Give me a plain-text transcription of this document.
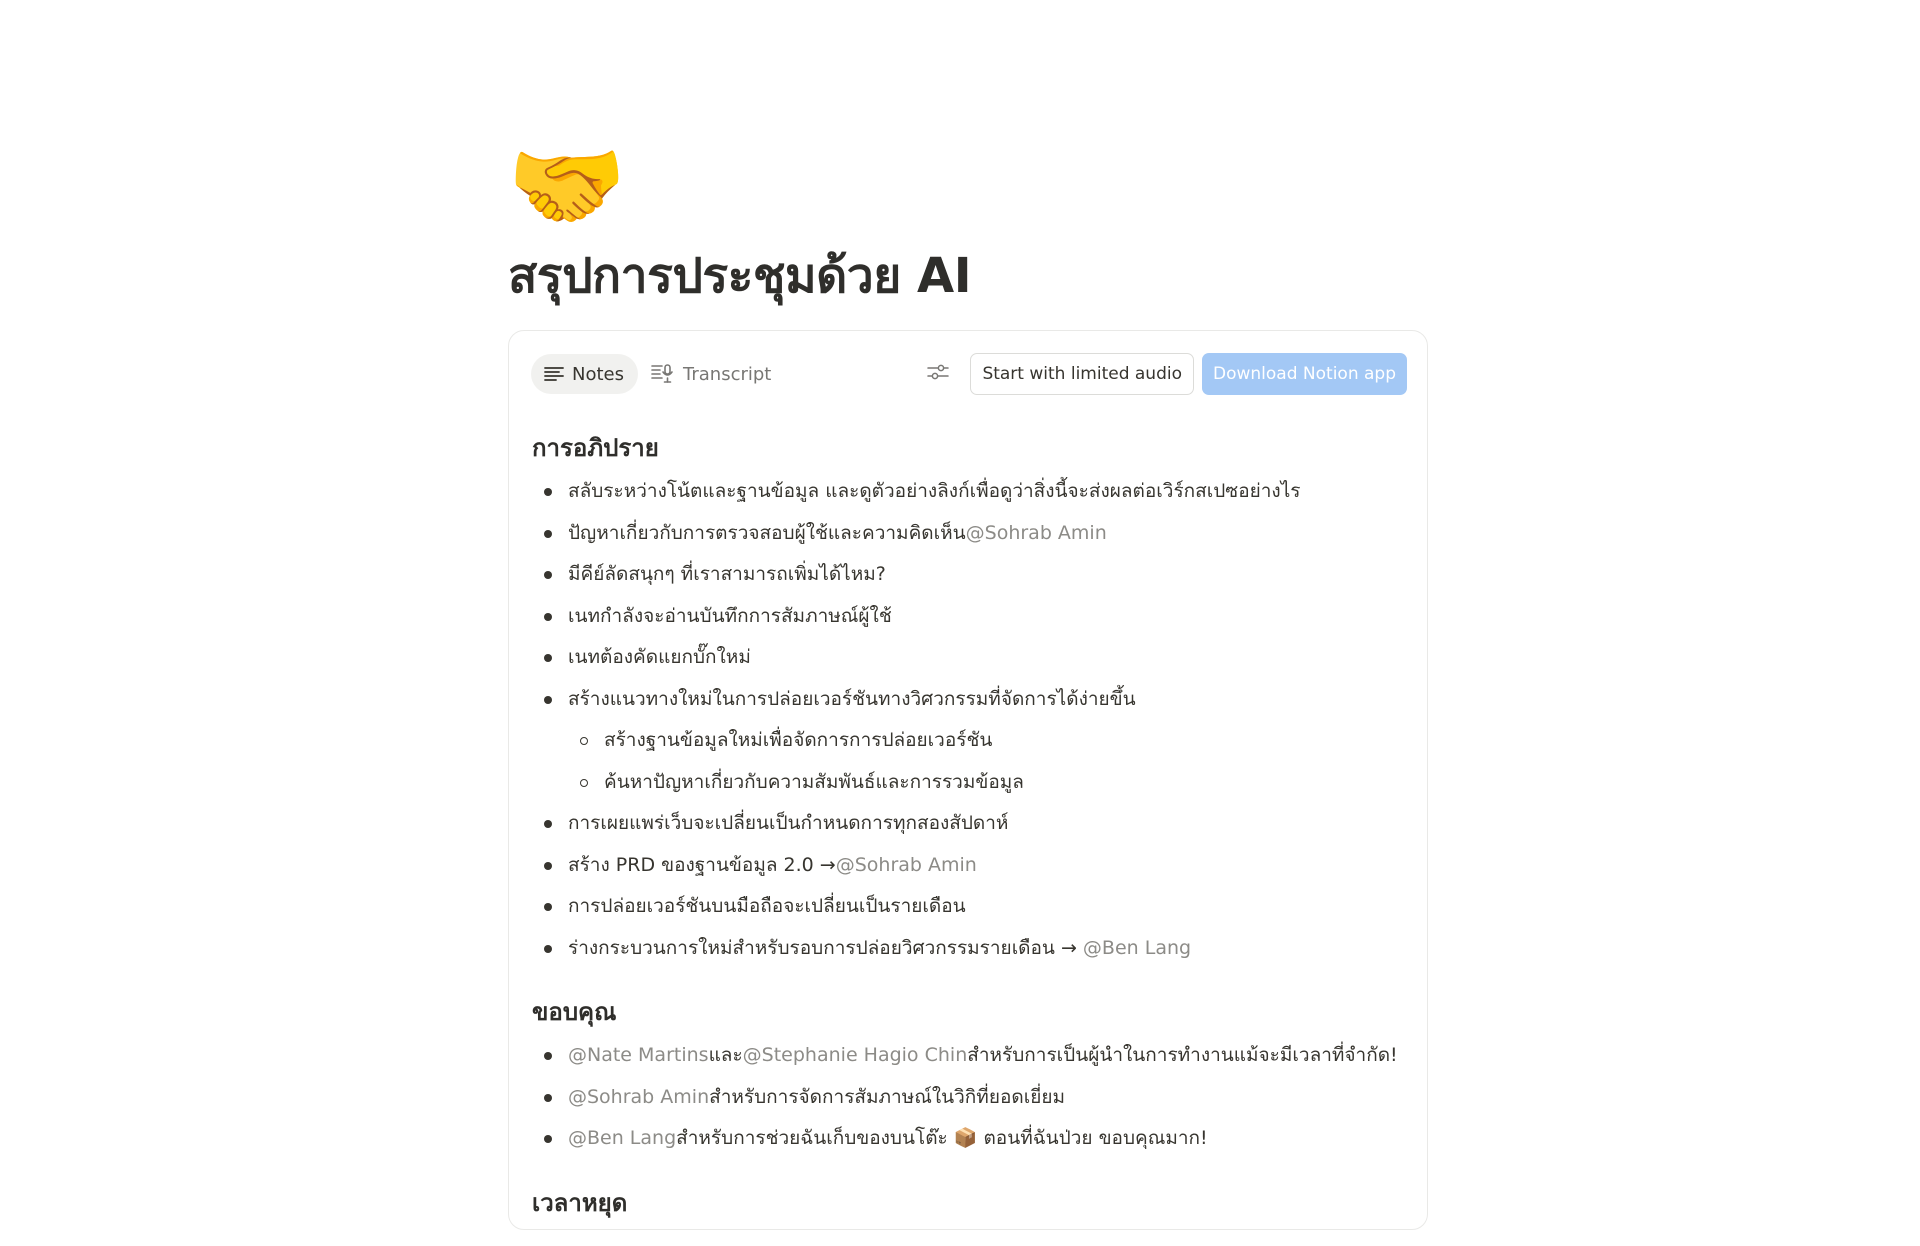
🤝
สรุปการประชุมด้วย AI
Notes	Transcript	Start with limited audio	Download Notion app
การอภิปราย
สลับระหว่างโน้ตและฐานข้อมูล และดูตัวอย่างลิงก์เพื่อดูว่าสิ่งนี้จะส่งผลต่อเวิร์กสเปซอย่างไร
ปัญหาเกี่ยวกับการตรวจสอบผู้ใช้และความคิดเห็น@Sohrab Amin
มีคีย์ลัดสนุกๆ ที่เราสามารถเพิ่มได้ไหม?
เนทกำลังจะอ่านบันทึกการสัมภาษณ์ผู้ใช้
เนทต้องคัดแยกบั๊กใหม่
สร้างแนวทางใหม่ในการปล่อยเวอร์ชันทางวิศวกรรมที่จัดการได้ง่ายขึ้น
สร้างฐานข้อมูลใหม่เพื่อจัดการการปล่อยเวอร์ชัน
ค้นหาปัญหาเกี่ยวกับความสัมพันธ์และการรวมข้อมูล
การเผยแพร่เว็บจะเปลี่ยนเป็นกำหนดการทุกสองสัปดาห์
สร้าง PRD ของฐานข้อมูล 2.0 →@Sohrab Amin
การปล่อยเวอร์ชันบนมือถือจะเปลี่ยนเป็นรายเดือน
ร่างกระบวนการใหม่สำหรับรอบการปล่อยวิศวกรรมรายเดือน → @Ben Lang
ขอบคุณ
@Nate Martinsและ@Stephanie Hagio Chinสำหรับการเป็นผู้นำในการทำงานแม้จะมีเวลาที่จำกัด!
@Sohrab Aminสำหรับการจัดการสัมภาษณ์ในวิกิที่ยอดเยี่ยม
@Ben Langสำหรับการช่วยฉันเก็บของบนโต๊ะ 📦 ตอนที่ฉันป่วย ขอบคุณมาก!
เวลาหยุด
